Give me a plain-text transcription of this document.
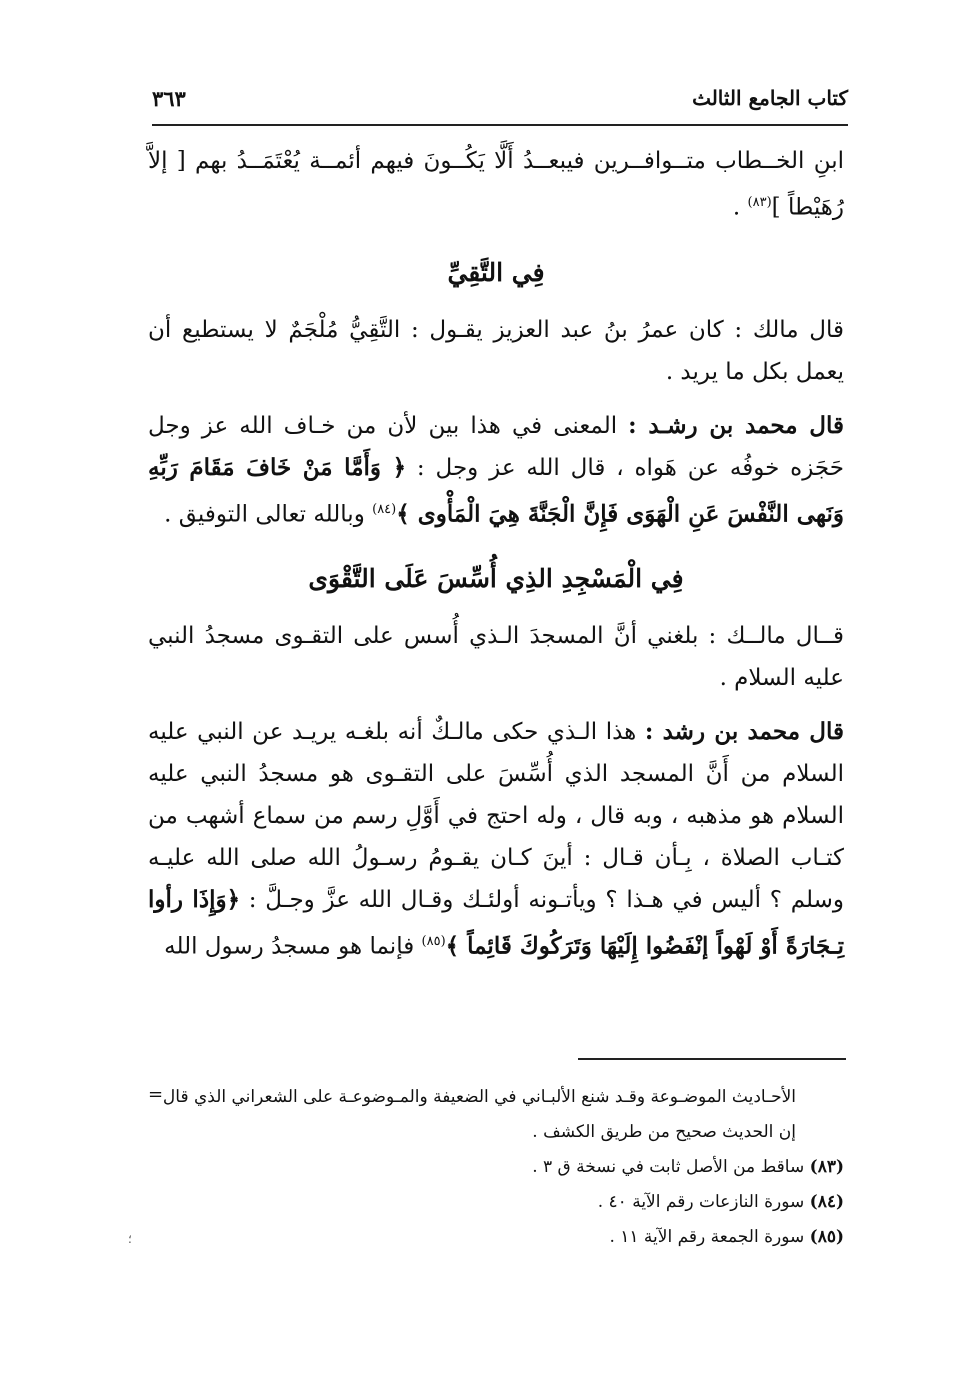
كتاب الجامع الثالث
٣٦٣

ابنِ الخــطاب متــوافــرين فيبعــدُ أَلَّا يَكُــونَ فيهم أئمــة يُعْتَمَــدُ بهم [ إلاَّ رُهَيْطاً ]$^{(٨٣)}$ .

فِي التَّقِيِّ

قال مالك : كان عمرُ بنُ عبد العزيز يقـول : التَّقِيُّ مُلْجَمٌ لا يستطيع أن يعمل بكل ما يريد .

قال محمد بن رشـد : المعنى في هذا بين لأن من خـاف الله عز وجل حَجَزه خوفُه عن هَواه ، قال الله عز وجل : ﴿ وَأَمَّا مَنْ خَافَ مَقَامَ رَبِّهِ وَنَهى النَّفْسَ عَنِ الْهَوَى فَإِنَّ الْجَنَّةَ هِيَ الْمَأْوى ﴾$^{(٨٤)}$ وبالله تعالى التوفيق .

فِي الْمَسْجِدِ الذِي أُسِّسَ عَلَى التَّقْوَى

قــال مالــك : بلغني أنَّ المسجدَ الـذي أُسس على التقـوى مسجدُ النبي عليه السلام .

قال محمد بن رشد : هذا الـذي حكى مالـكٌ أنه بلغـه يريـد عن النبي عليه السلام من أَنَّ المسجد الذي أُسِّسَ على التقـوى هو مسجدُ النبي عليه السلام هو مذهبه ، وبه قال ، وله احتج في أَوَّلِ رسم من سماع أشهب من كتـاب الصلاة ، بِـأن قـال : أينَ كـان يقـومُ رسـولُ الله صلى الله عليـه وسلم ؟ أليس في هـذا ؟ ويأتـونه أولئـك وقـال الله عزَّ وجـلَّ : ﴿وَإِذَا رأوا تِـجَارَةً أَوْ لَهْواً إنْفَضُوا إِلَيْهَا وَتَرَكُوكَ قَائِماً ﴾$^{(٨٥)}$ فإنما هو مسجدُ رسول الله

= الأحـاديث الموضـوعة وقـد شنع الألبـاني في الضعيفة والمـوضوعـة على الشعراني الذي قال إن الحديث صحيح من طريق الكشف .

(٨٣) ساقط من الأصل ثابت في نسخة ق ٣ .

(٨٤) سورة النازعات رقم الآية ٤٠ .

(٨٥) سورة الجمعة رقم الآية ١١ .

؛
